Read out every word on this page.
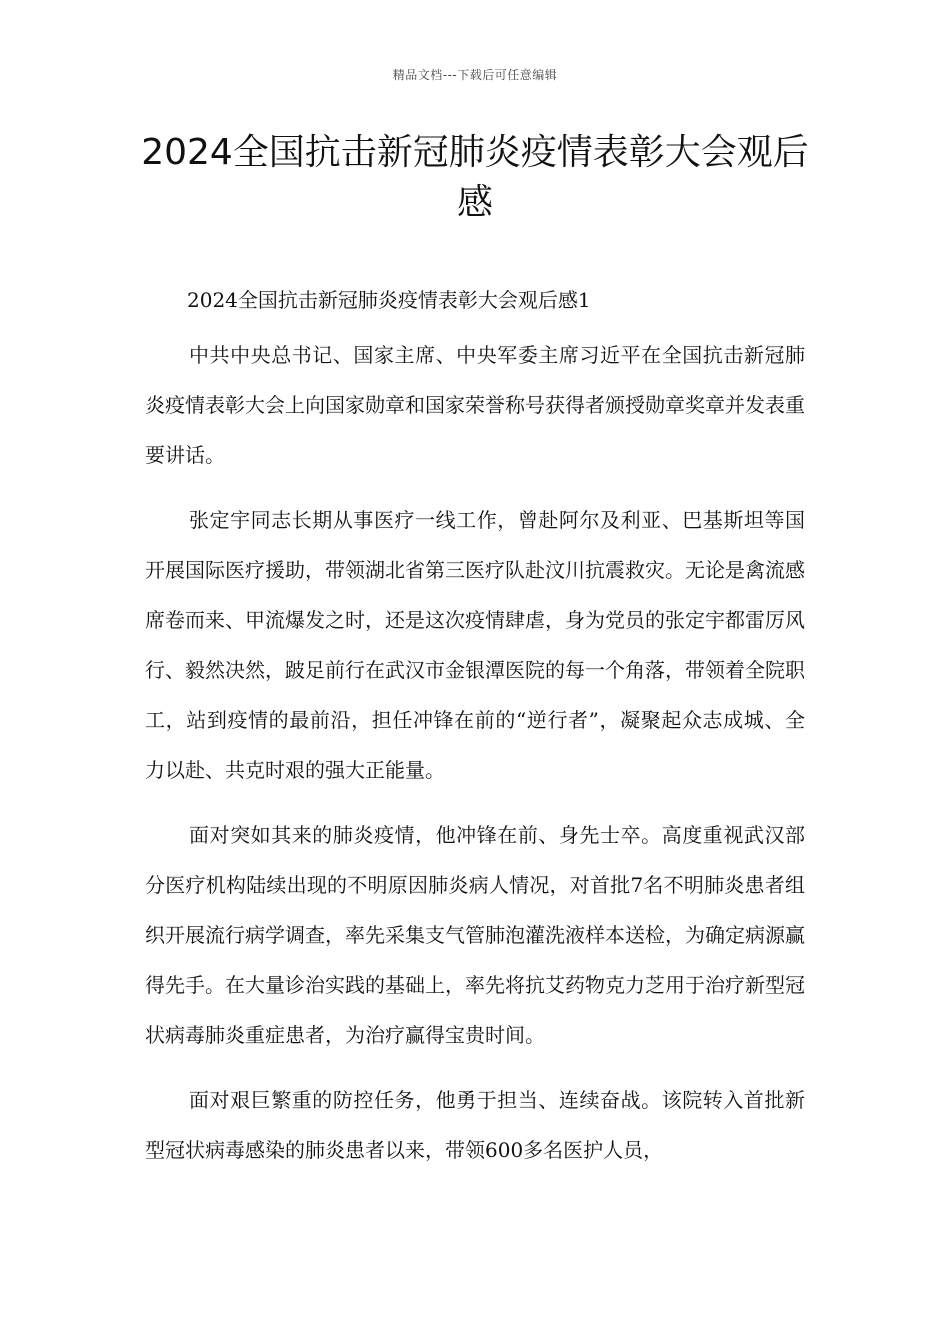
精品文档---下载后可任意编辑
2024全国抗击新冠肺炎疫情表彰大会观后感

2024全国抗击新冠肺炎疫情表彰大会观后感1

中共中央总书记、国家主席、中央军委主席习近平在全国抗击新冠肺炎疫情表彰大会上向国家勋章和国家荣誉称号获得者颁授勋章奖章并发表重要讲话。

张定宇同志长期从事医疗一线工作，曾赴阿尔及利亚、巴基斯坦等国开展国际医疗援助，带领湖北省第三医疗队赴汶川抗震救灾。无论是禽流感席卷而来、甲流爆发之时，还是这次疫情肆虐，身为党员的张定宇都雷厉风行、毅然决然，跛足前行在武汉市金银潭医院的每一个角落，带领着全院职工，站到疫情的最前沿，担任冲锋在前的“逆行者”，凝聚起众志成城、全力以赴、共克时艰的强大正能量。

面对突如其来的肺炎疫情，他冲锋在前、身先士卒。高度重视武汉部分医疗机构陆续出现的不明原因肺炎病人情况，对首批7名不明肺炎患者组织开展流行病学调查，率先采集支气管肺泡灌洗液样本送检，为确定病源赢得先手。在大量诊治实践的基础上，率先将抗艾药物克力芝用于治疗新型冠状病毒肺炎重症患者，为治疗赢得宝贵时间。

面对艰巨繁重的防控任务，他勇于担当、连续奋战。该院转入首批新型冠状病毒感染的肺炎患者以来，带领600多名医护人员，
